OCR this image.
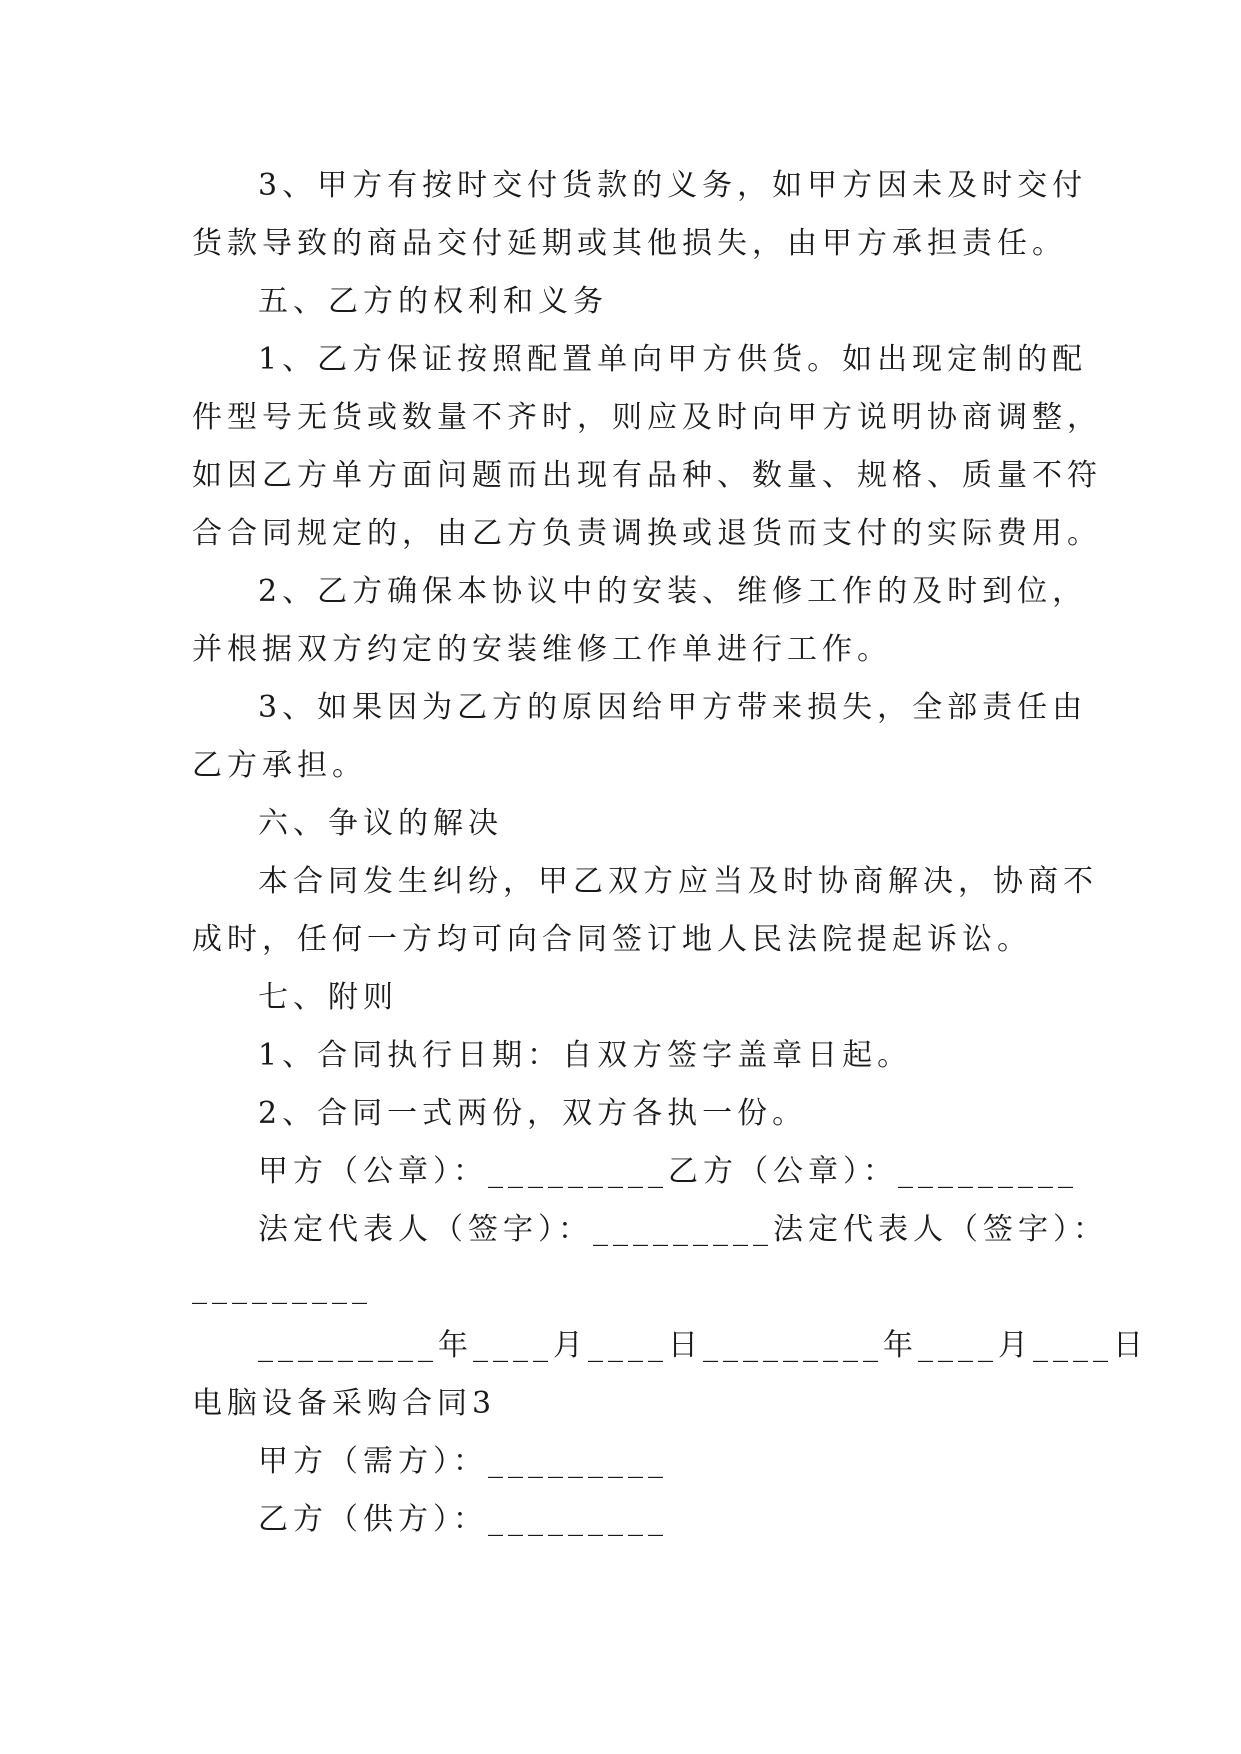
3、甲方有按时交付货款的义务，如甲方因未及时交付
货款导致的商品交付延期或其他损失，由甲方承担责任。
五、乙方的权利和义务
1、乙方保证按照配置单向甲方供货。如出现定制的配
件型号无货或数量不齐时，则应及时向甲方说明协商调整，
如因乙方单方面问题而出现有品种、数量、规格、质量不符
合合同规定的，由乙方负责调换或退货而支付的实际费用。
2、乙方确保本协议中的安装、维修工作的及时到位，
并根据双方约定的安装维修工作单进行工作。
3、如果因为乙方的原因给甲方带来损失，全部责任由
乙方承担。
六、争议的解决
本合同发生纠纷，甲乙双方应当及时协商解决，协商不
成时，任何一方均可向合同签订地人民法院提起诉讼。
七、附则
1、合同执行日期：自双方签字盖章日起。
2、合同一式两份，双方各执一份。
甲方（公章）：_________乙方（公章）：_________
法定代表人（签字）：_________法定代表人（签字）：
_________
_________年____月____日_________年____月____日
电脑设备采购合同3
甲方（需方）：_________
乙方（供方）：_________
